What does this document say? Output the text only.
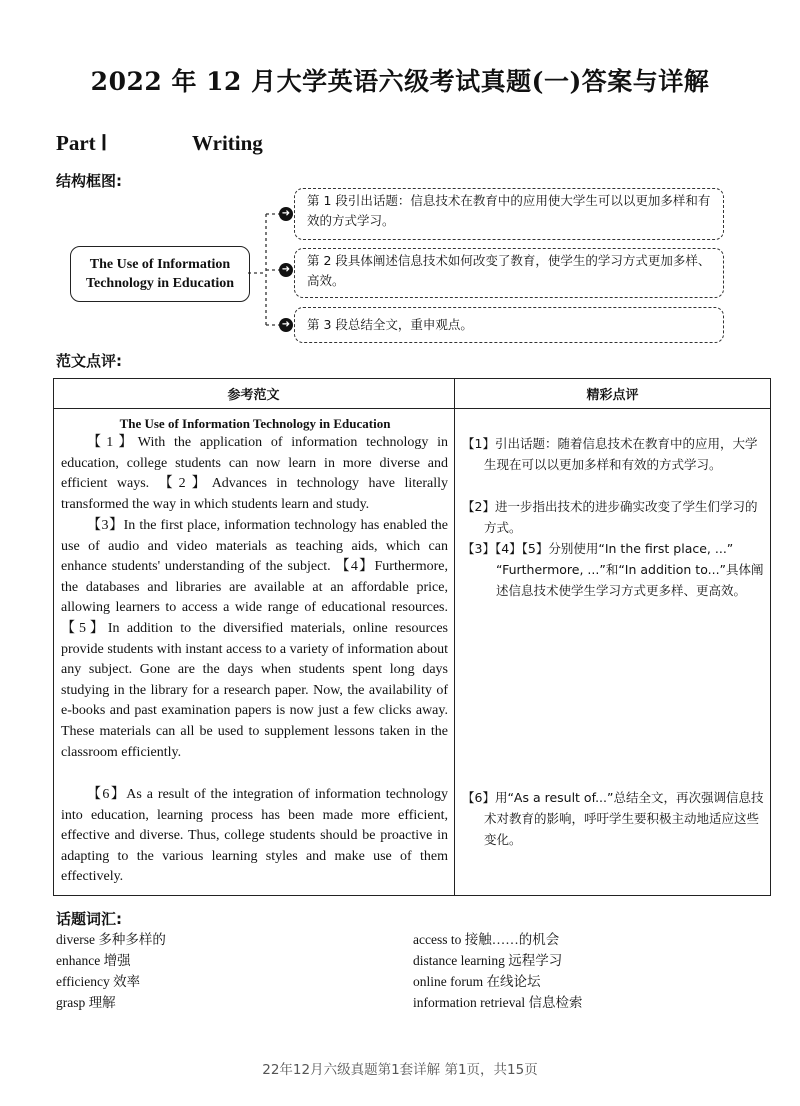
2022 年 12 月大学英语六级考试真题(一)答案与详解
Part Ⅰ	Writing
结构框图:
The Use of Information
Technology in Education
➜
➜
➜
第 1 段引出话题：信息技术在教育中的应用使大学生可以以更加多样和有效的方式学习。
第 2 段具体阐述信息技术如何改变了教育，使学生的学习方式更加多样、高效。
第 3 段总结全文，重申观点。
范文点评:
参考范文	精彩点评
The Use of Information Technology in Education
【1】With the application of information technology in education, college students can now learn in more diverse and efficient ways. 【2】Advances in technology have literally transformed the way in which students learn and study.
【3】In the first place, information technology has enabled the use of audio and video materials as teaching aids, which can enhance students' understanding of the subject. 【4】Furthermore, the databases and libraries are available at an affordable price, allowing learners to access a wide range of educational resources. 【5】In addition to the diversified materials, online resources provide students with instant access to a variety of information about any subject. Gone are the days when students spent long days studying in the library for a research paper. Now, the availability of e-books and past examination papers is now just a few clicks away. These materials can all be used to supplement lessons taken in the classroom efficiently.
【6】As a result of the integration of information technology into education, learning process has been made more efficient, effective and diverse. Thus, college students should be proactive in adapting to the various learning styles and make use of them effectively.
【1】引出话题：随着信息技术在教育中的应用，大学生现在可以以更加多样和有效的方式学习。
【2】进一步指出技术的进步确实改变了学生们学习的方式。
【3】【4】【5】分别使用“In the first place, ...” “Furthermore, ...”和“In addition to...”具体阐述信息技术使学生学习方式更多样、更高效。
【6】用“As a result of...”总结全文，再次强调信息技术对教育的影响，呼吁学生要积极主动地适应这些变化。
话题词汇:
diverse 多种多样的
enhance 增强
efficiency 效率
grasp 理解
access to 接触……的机会
distance learning 远程学习
online forum 在线论坛
information retrieval 信息检索
22年12月六级真题第1套详解 第1页，共15页
